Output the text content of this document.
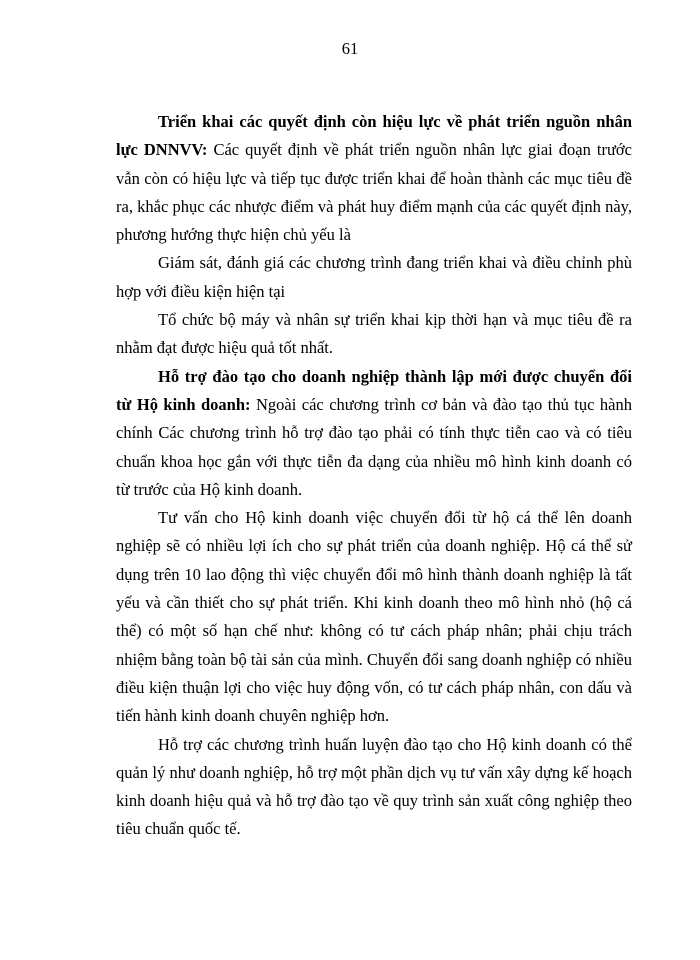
61

Triển khai các quyết định còn hiệu lực về phát triển nguồn nhân lực DNNVV: Các quyết định về phát triển nguồn nhân lực giai đoạn trước vẫn còn có hiệu lực và tiếp tục được triển khai để hoàn thành các mục tiêu đề ra, khắc phục các nhược điểm và phát huy điểm mạnh của các quyết định này, phương hướng thực hiện chủ yếu là

Giám sát, đánh giá các chương trình đang triển khai và điều chỉnh phù hợp với điều kiện hiện tại

Tổ chức bộ máy và nhân sự triển khai kịp thời hạn và mục tiêu đề ra nhằm đạt được hiệu quả tốt nhất.

Hỗ trợ đào tạo cho doanh nghiệp thành lập mới được chuyển đổi từ Hộ kinh doanh: Ngoài các chương trình cơ bản và đào tạo thủ tục hành chính Các chương trình hỗ trợ đào tạo phải có tính thực tiễn cao và có tiêu chuẩn khoa học gắn với thực tiễn đa dạng của nhiều mô hình kinh doanh có từ trước của Hộ kinh doanh.

Tư vấn cho Hộ kinh doanh việc chuyển đổi từ hộ cá thể lên doanh nghiệp sẽ có nhiều lợi ích cho sự phát triển của doanh nghiệp. Hộ cá thể sử dụng trên 10 lao động thì việc chuyển đổi mô hình thành doanh nghiệp là tất yếu và cần thiết cho sự phát triển. Khi kinh doanh theo mô hình nhỏ (hộ cá thể) có một số hạn chế như: không có tư cách pháp nhân; phải chịu trách nhiệm bằng toàn bộ tài sản của mình. Chuyển đổi sang doanh nghiệp có nhiều điều kiện thuận lợi cho việc huy động vốn, có tư cách pháp nhân, con dấu và tiến hành kinh doanh chuyên nghiệp hơn.

Hỗ trợ các chương trình huấn luyện đào tạo cho Hộ kinh doanh có thể quản lý như doanh nghiệp, hỗ trợ một phần dịch vụ tư vấn xây dựng kế hoạch kinh doanh hiệu quả và hỗ trợ đào tạo về quy trình sản xuất công nghiệp theo tiêu chuẩn quốc tế.
